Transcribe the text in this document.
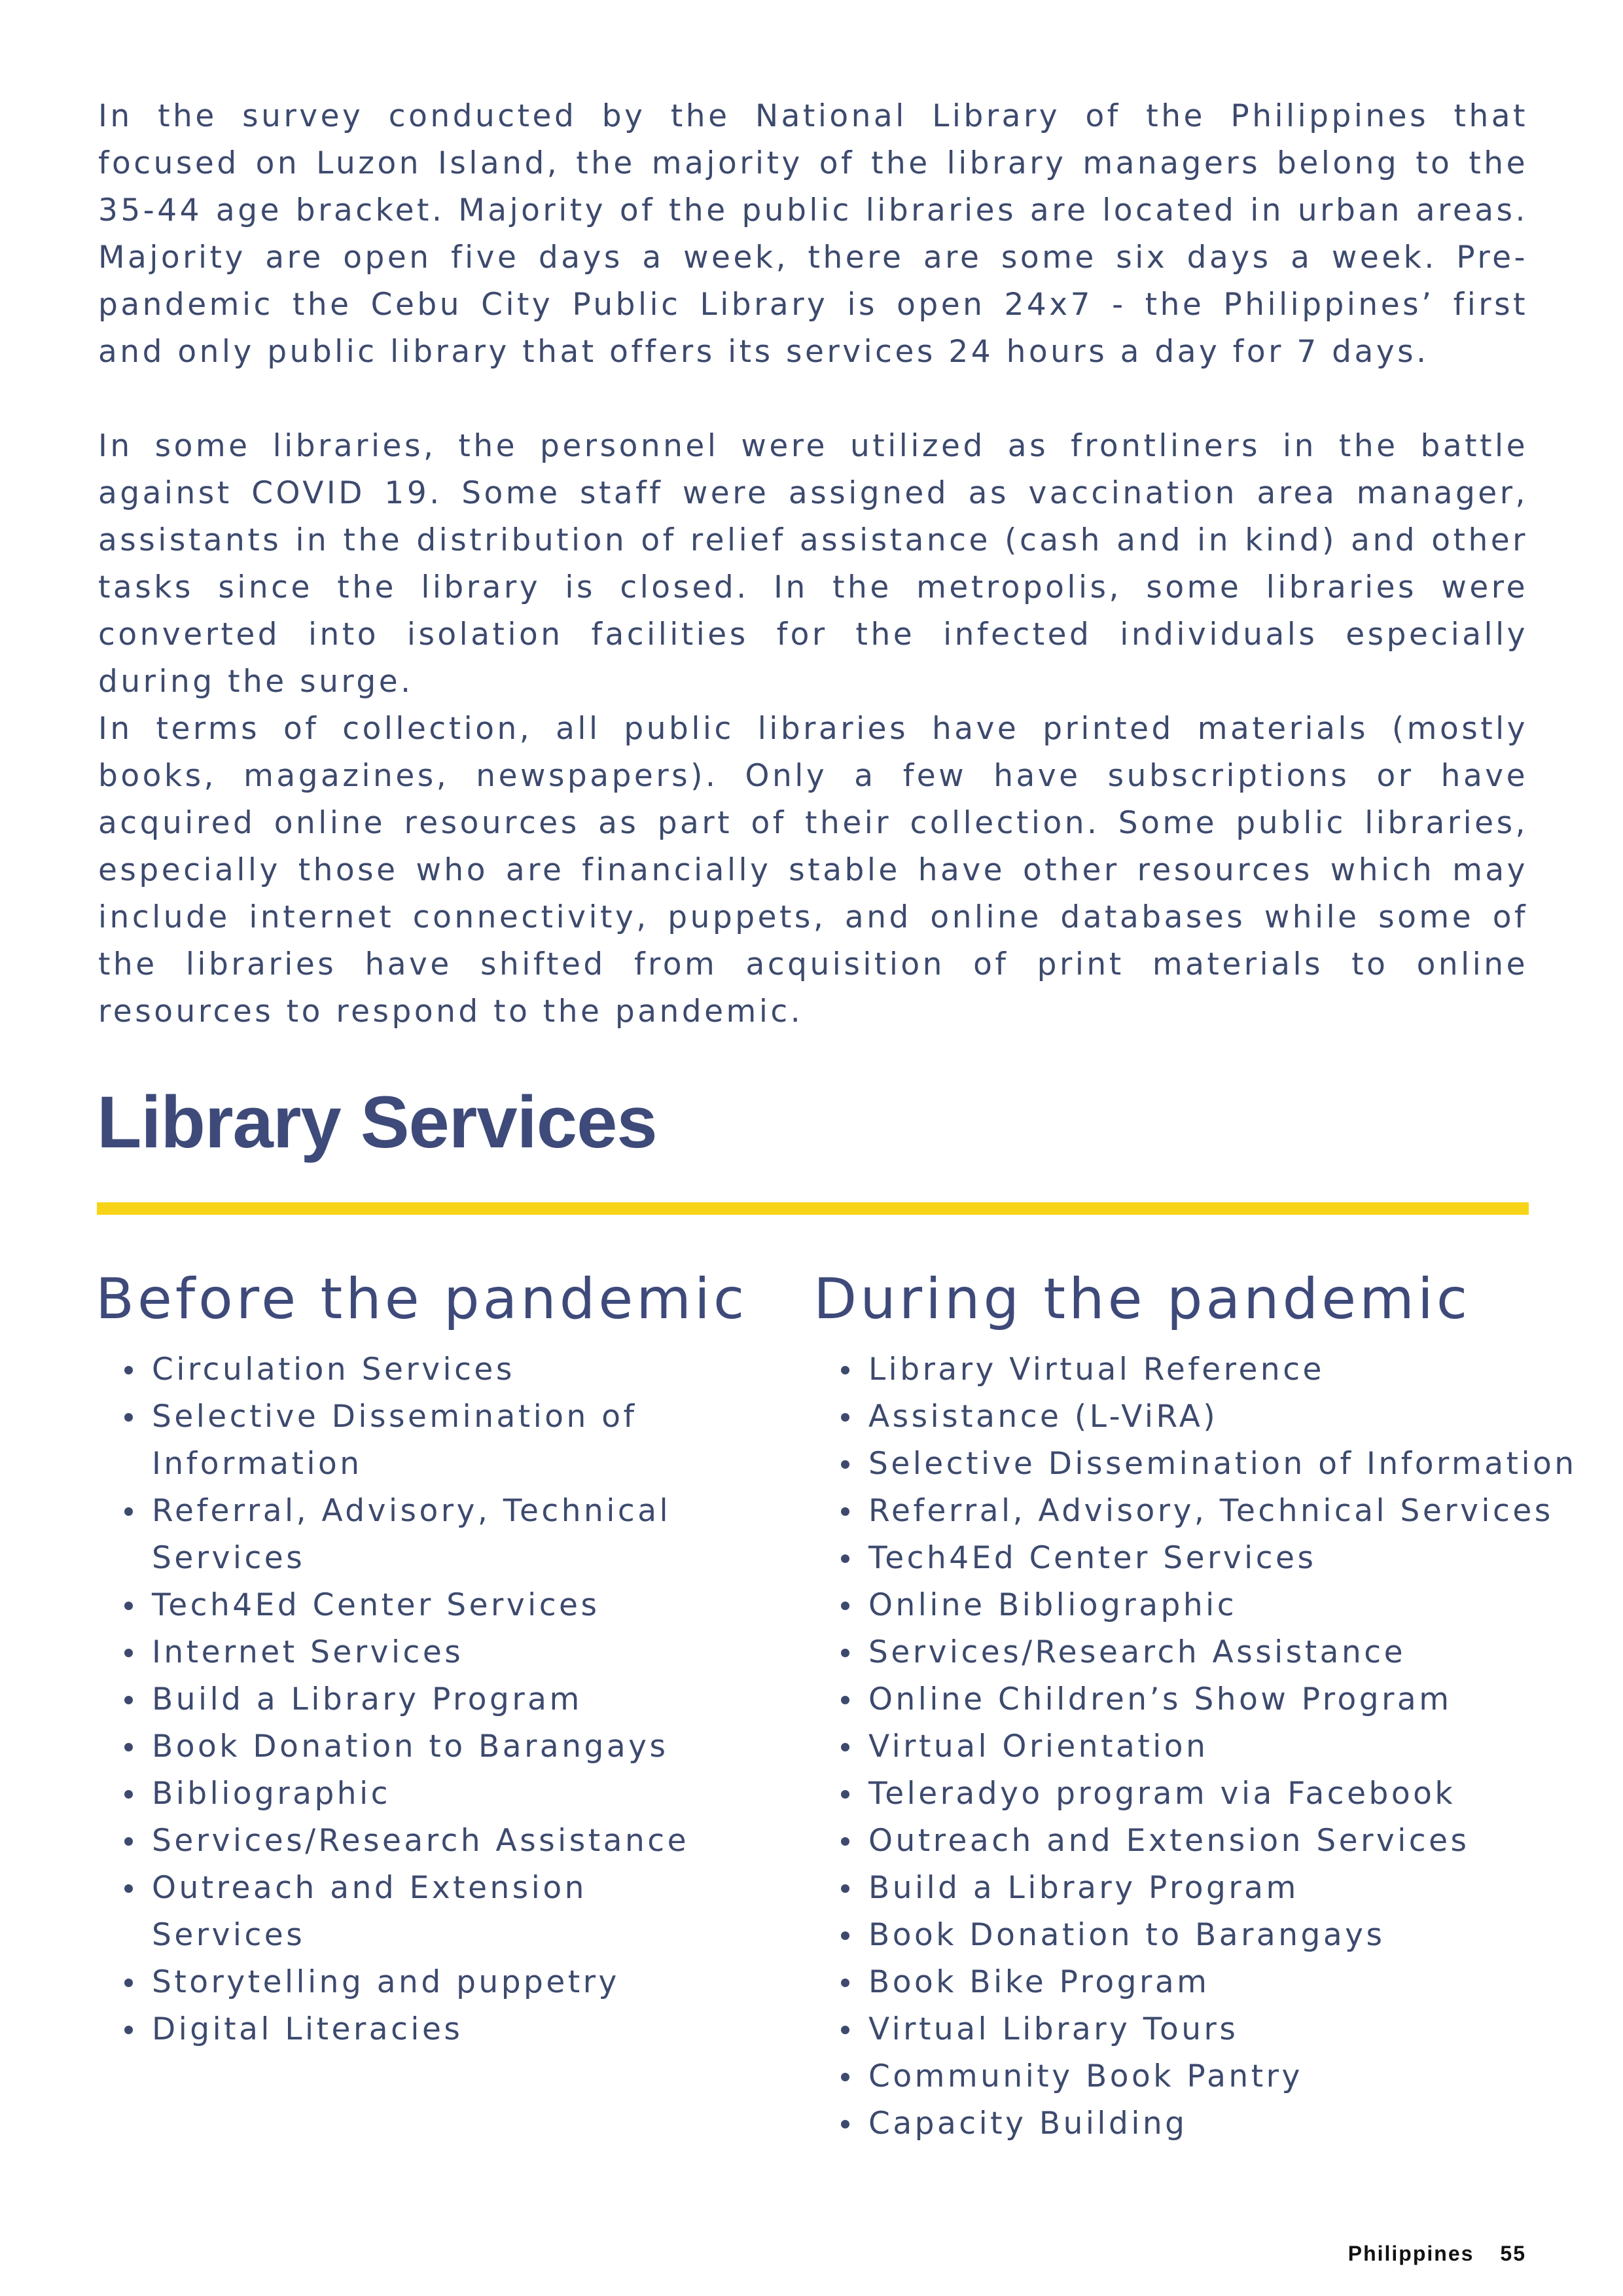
In the survey conducted by the National Library of the Philippines that focused on Luzon Island, the majority of the library managers belong to the 35-44 age bracket. Majority of the public libraries are located in urban areas. Majority are open five days a week, there are some six days a week. Pre-pandemic the Cebu City Public Library is open 24x7 - the Philippines’ first and only public library that offers its services 24 hours a day for 7 days.

In some libraries, the personnel were utilized as frontliners in the battle against COVID 19. Some staff were assigned as vaccination area manager, assistants in the distribution of relief assistance (cash and in kind) and other tasks since the library is closed. In the metropolis, some libraries were converted into isolation facilities for the infected individuals especially during the surge.

In terms of collection, all public libraries have printed materials (mostly books, magazines, newspapers). Only a few have subscriptions or have acquired online resources as part of their collection. Some public libraries, especially those who are financially stable have other resources which may include internet connectivity, puppets, and online databases while some of the libraries have shifted from acquisition of print materials to online resources to respond to the pandemic.

Library Services
Before the pandemic During the pandemic
Circulation Services
Selective Dissemination of Information
Referral, Advisory, Technical Services
Tech4Ed Center Services
Internet Services
Build a Library Program
Book Donation to Barangays
Bibliographic
Services/Research Assistance
Outreach and Extension Services
Storytelling and puppetry
Digital Literacies
Library Virtual Reference
Assistance (L-ViRA)
Selective Dissemination of Information
Referral, Advisory, Technical Services
Tech4Ed Center Services
Online Bibliographic
Services/Research Assistance
Online Children’s Show Program
Virtual Orientation
Teleradyo program via Facebook
Outreach and Extension Services
Build a Library Program
Book Donation to Barangays
Book Bike Program
Virtual Library Tours
Community Book Pantry
Capacity Building
Philippines 55
